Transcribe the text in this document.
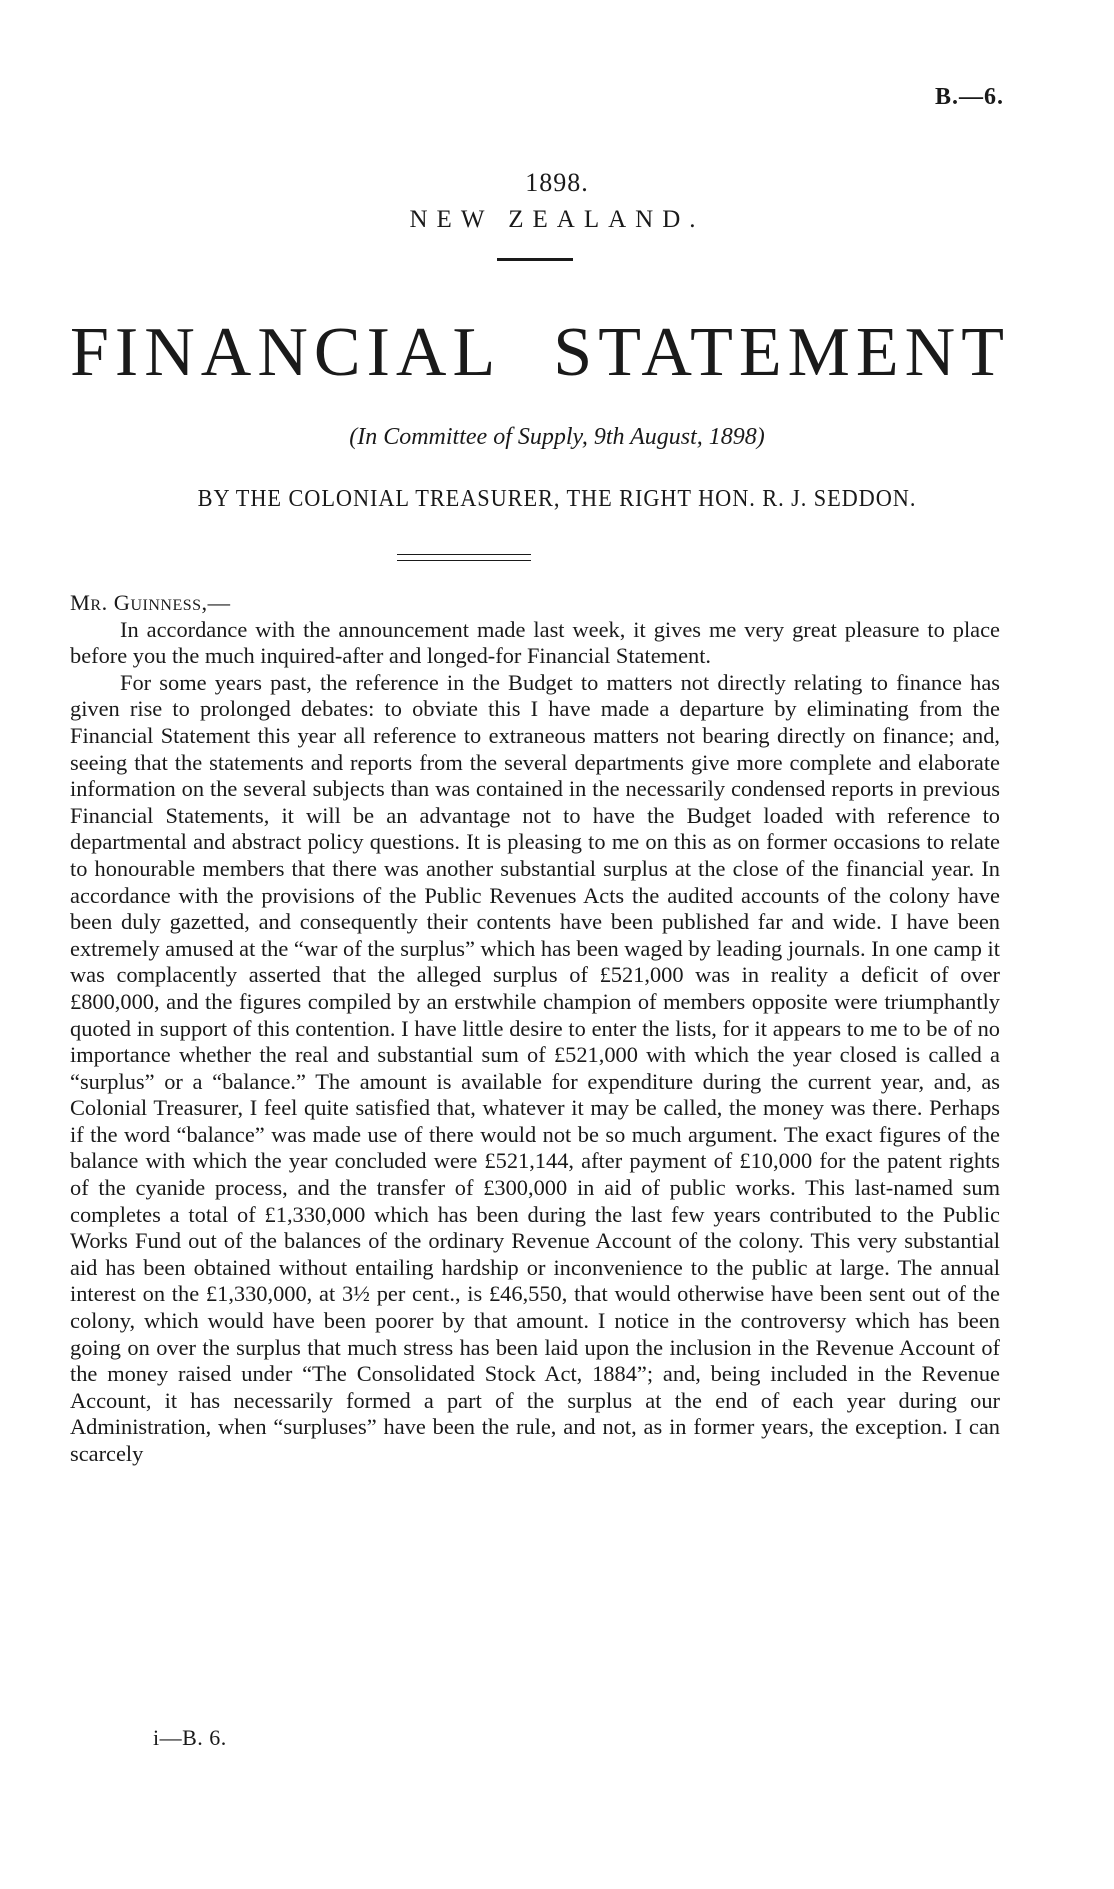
B.—6.
1898.
NEW ZEALAND.
FINANCIAL STATEMENT
(In Committee of Supply, 9th August, 1898)
BY THE COLONIAL TREASURER, THE RIGHT HON. R. J. SEDDON.

Mr. Guinness,—

In accordance with the announcement made last week, it gives me very great pleasure to place before you the much inquired-after and longed-for Financial Statement.

For some years past, the reference in the Budget to matters not directly relating to finance has given rise to prolonged debates: to obviate this I have made a departure by eliminating from the Financial Statement this year all reference to extraneous matters not bearing directly on finance; and, seeing that the statements and reports from the several departments give more complete and elaborate information on the several subjects than was contained in the necessarily condensed reports in previous Financial Statements, it will be an advantage not to have the Budget loaded with reference to departmental and abstract policy questions. It is pleasing to me on this as on former occasions to relate to honourable members that there was another substantial surplus at the close of the financial year. In accordance with the provisions of the Public Revenues Acts the audited accounts of the colony have been duly gazetted, and consequently their contents have been published far and wide. I have been extremely amused at the “war of the surplus” which has been waged by leading journals. In one camp it was complacently asserted that the alleged surplus of £521,000 was in reality a deficit of over £800,000, and the figures compiled by an erstwhile champion of members opposite were triumphantly quoted in support of this contention. I have little desire to enter the lists, for it appears to me to be of no importance whether the real and substantial sum of £521,000 with which the year closed is called a “surplus” or a “balance.” The amount is available for expenditure during the current year, and, as Colonial Treasurer, I feel quite satisfied that, whatever it may be called, the money was there. Perhaps if the word “balance” was made use of there would not be so much argument. The exact figures of the balance with which the year concluded were £521,144, after payment of £10,000 for the patent rights of the cyanide process, and the transfer of £300,000 in aid of public works. This last-named sum completes a total of £1,330,000 which has been during the last few years contributed to the Public Works Fund out of the balances of the ordinary Revenue Account of the colony. This very substantial aid has been obtained without entailing hardship or inconvenience to the public at large. The annual interest on the £1,330,000, at 3½ per cent., is £46,550, that would otherwise have been sent out of the colony, which would have been poorer by that amount. I notice in the controversy which has been going on over the surplus that much stress has been laid upon the inclusion in the Revenue Account of the money raised under “The Consolidated Stock Act, 1884”; and, being included in the Revenue Account, it has necessarily formed a part of the surplus at the end of each year during our Administration, when “surpluses” have been the rule, and not, as in former years, the exception. I can scarcely

i—B. 6.
